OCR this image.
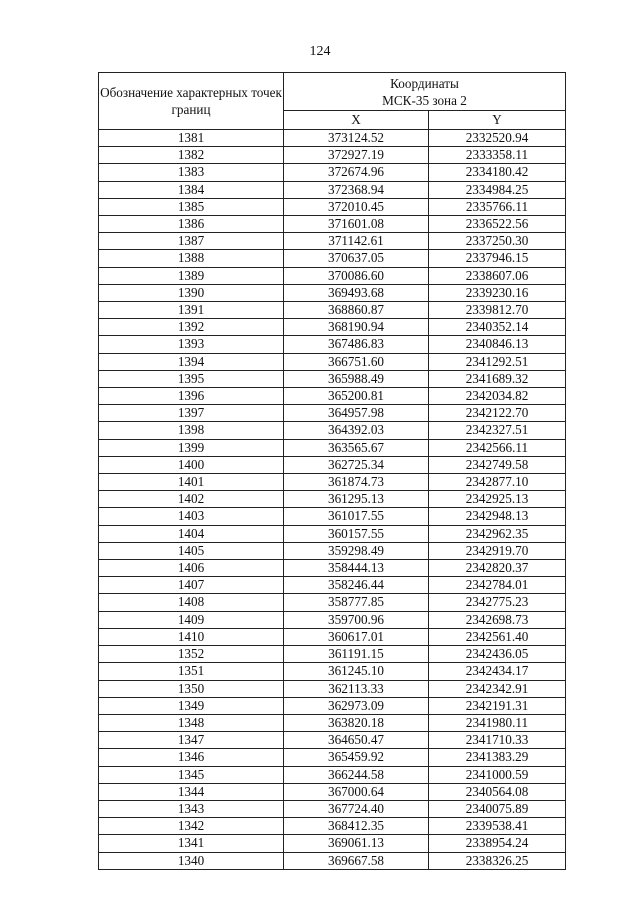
124
Обозначение характерных точек границ	Координаты
МСК-35 зона 2	

	X	Y
1381	373124.52	2332520.94
1382	372927.19	2333358.11
1383	372674.96	2334180.42
1384	372368.94	2334984.25
1385	372010.45	2335766.11
1386	371601.08	2336522.56
1387	371142.61	2337250.30
1388	370637.05	2337946.15
1389	370086.60	2338607.06
1390	369493.68	2339230.16
1391	368860.87	2339812.70
1392	368190.94	2340352.14
1393	367486.83	2340846.13
1394	366751.60	2341292.51
1395	365988.49	2341689.32
1396	365200.81	2342034.82
1397	364957.98	2342122.70
1398	364392.03	2342327.51
1399	363565.67	2342566.11
1400	362725.34	2342749.58
1401	361874.73	2342877.10
1402	361295.13	2342925.13
1403	361017.55	2342948.13
1404	360157.55	2342962.35
1405	359298.49	2342919.70
1406	358444.13	2342820.37
1407	358246.44	2342784.01
1408	358777.85	2342775.23
1409	359700.96	2342698.73
1410	360617.01	2342561.40
1352	361191.15	2342436.05
1351	361245.10	2342434.17
1350	362113.33	2342342.91
1349	362973.09	2342191.31
1348	363820.18	2341980.11
1347	364650.47	2341710.33
1346	365459.92	2341383.29
1345	366244.58	2341000.59
1344	367000.64	2340564.08
1343	367724.40	2340075.89
1342	368412.35	2339538.41
1341	369061.13	2338954.24
1340	369667.58	2338326.25
